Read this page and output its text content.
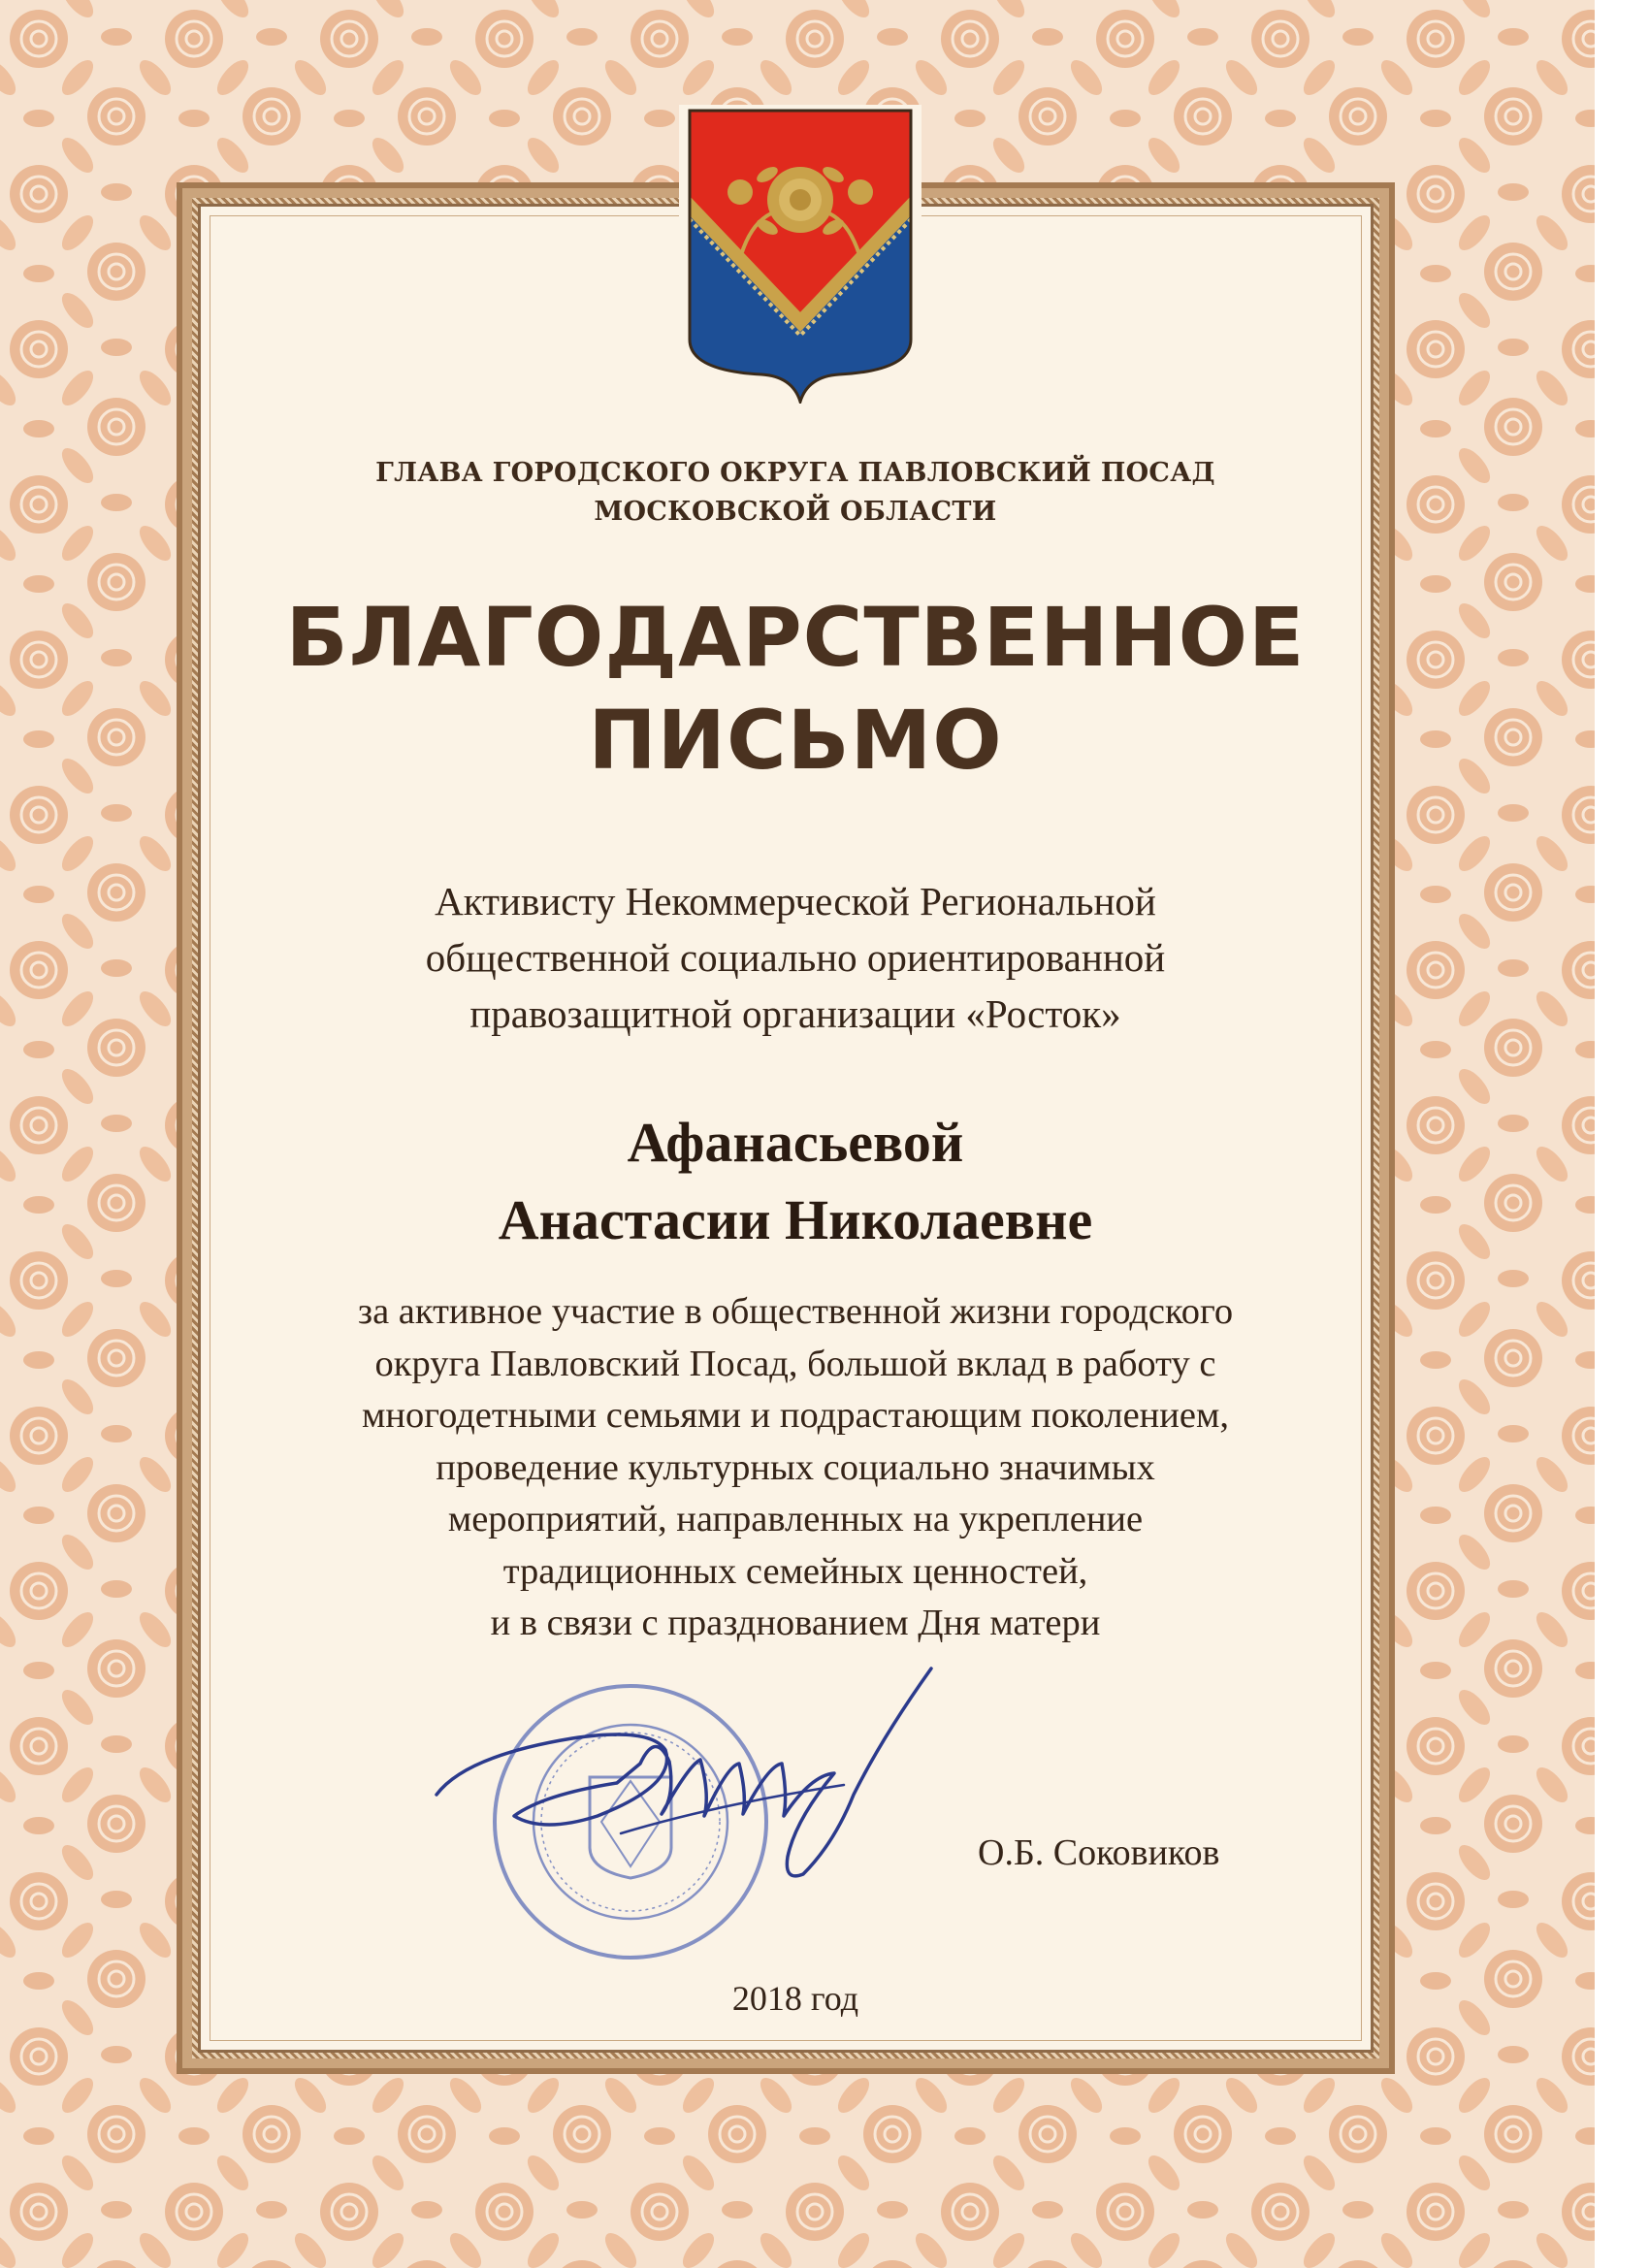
ГЛАВА ГОРОДСКОГО ОКРУГА ПАВЛОВСКИЙ ПОСАД
МОСКОВСКОЙ ОБЛАСТИ
БЛАГОДАРСТВЕННОЕ
ПИСЬМО
Активисту Некоммерческой Региональной
общественной социально ориентированной
правозащитной организации «Росток»
Афанасьевой
Анастасии Николаевне
за активное участие в общественной жизни городского
округа Павловский Посад, большой вклад в работу с
многодетными семьями и подрастающим поколением,
проведение культурных социально значимых
мероприятий, направленных на укрепление
традиционных семейных ценностей,
и в связи с празднованием Дня матери
О.Б. Соковиков
2018 год
